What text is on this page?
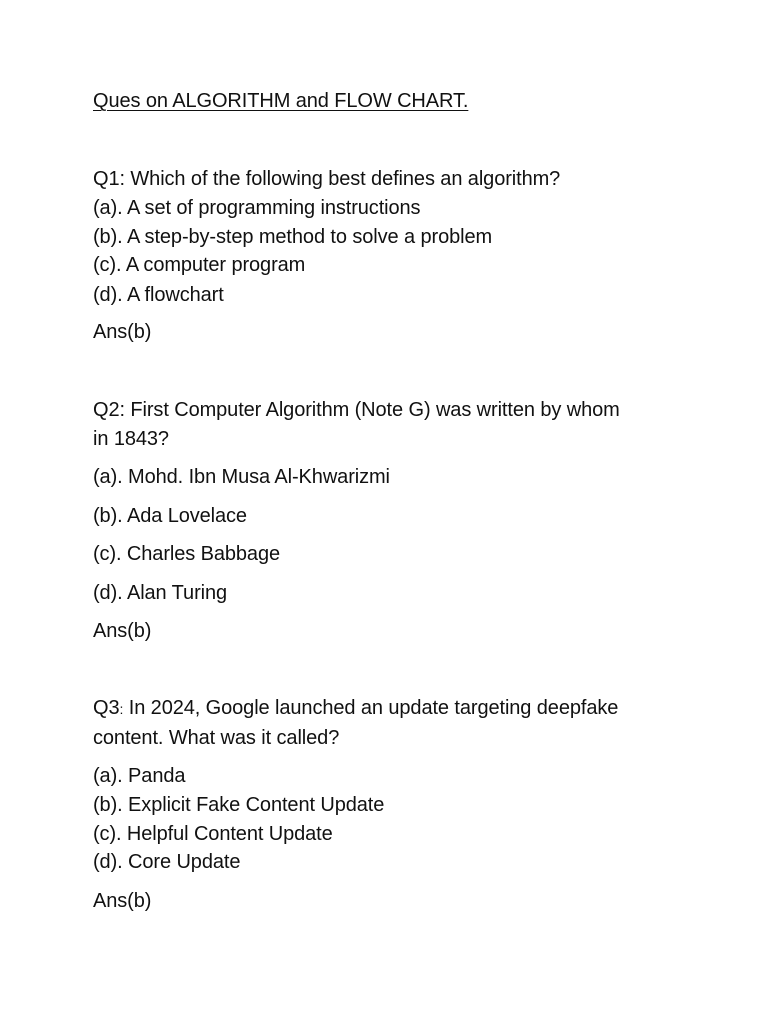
Ques on ALGORITHM and FLOW CHART.
Q1: Which of the following best defines an algorithm?
(a). A set of programming instructions
(b). A step-by-step method to solve a problem
(c). A computer program
(d). A flowchart
Ans(b)
Q2: First Computer Algorithm (Note G) was written by whom
in 1843?
(a). Mohd. Ibn Musa Al-Khwarizmi
(b). Ada Lovelace
(c). Charles Babbage
(d). Alan Turing
Ans(b)
Q3: In 2024, Google launched an update targeting deepfake
content. What was it called?
(a). Panda
(b). Explicit Fake Content Update
(c). Helpful Content Update
(d). Core Update
Ans(b)
